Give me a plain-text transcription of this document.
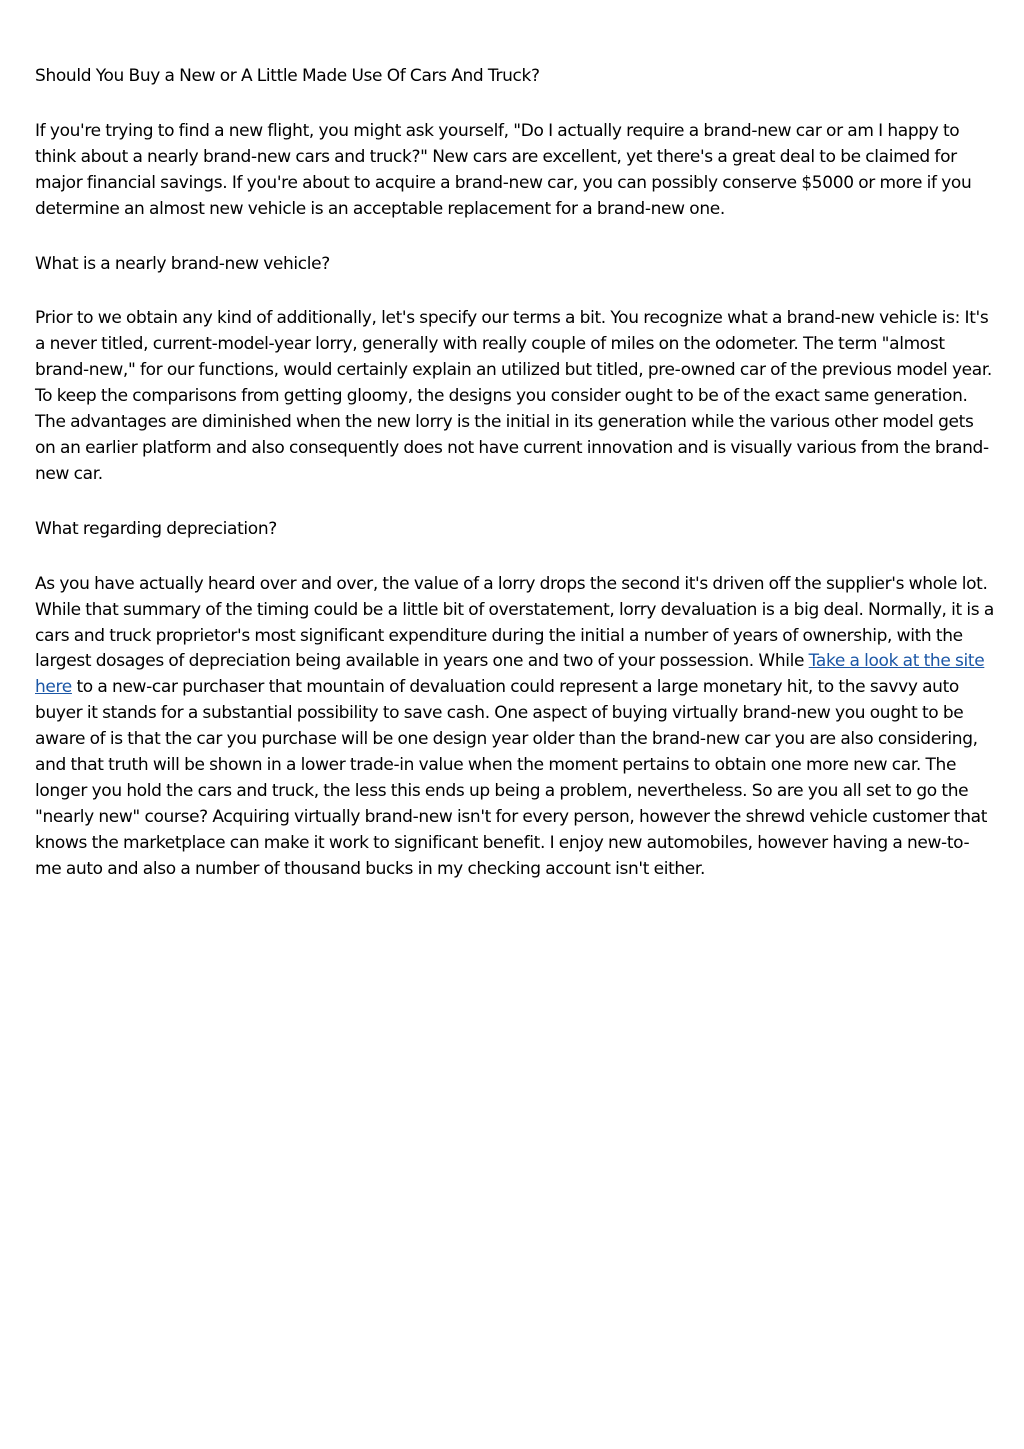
Should You Buy a New or A Little Made Use Of Cars And Truck?

If you're trying to find a new flight, you might ask yourself, "Do I actually require a brand-new car or am I happy to think about a nearly brand-new cars and truck?" New cars are excellent, yet there's a great deal to be claimed for major financial savings. If you're about to acquire a brand-new car, you can possibly conserve $5000 or more if you determine an almost new vehicle is an acceptable replacement for a brand-new one.

What is a nearly brand-new vehicle?

Prior to we obtain any kind of additionally, let's specify our terms a bit. You recognize what a brand-new vehicle is: It's a never titled, current-model-year lorry, generally with really couple of miles on the odometer. The term "almost brand-new," for our functions, would certainly explain an utilized but titled, pre-owned car of the previous model year. To keep the comparisons from getting gloomy, the designs you consider ought to be of the exact same generation. The advantages are diminished when the new lorry is the initial in its generation while the various other model gets on an earlier platform and also consequently does not have current innovation and is visually various from the brand-new car.

What regarding depreciation?

As you have actually heard over and over, the value of a lorry drops the second it's driven off the supplier's whole lot. While that summary of the timing could be a little bit of overstatement, lorry devaluation is a big deal. Normally, it is a cars and truck proprietor's most significant expenditure during the initial a number of years of ownership, with the largest dosages of depreciation being available in years one and two of your possession. While Take a look at the site here to a new-car purchaser that mountain of devaluation could represent a large monetary hit, to the savvy auto buyer it stands for a substantial possibility to save cash. One aspect of buying virtually brand-new you ought to be aware of is that the car you purchase will be one design year older than the brand-new car you are also considering, and that truth will be shown in a lower trade-in value when the moment pertains to obtain one more new car. The longer you hold the cars and truck, the less this ends up being a problem, nevertheless. So are you all set to go the "nearly new" course? Acquiring virtually brand-new isn't for every person, however the shrewd vehicle customer that knows the marketplace can make it work to significant benefit. I enjoy new automobiles, however having a new-to-me auto and also a number of thousand bucks in my checking account isn't either.
